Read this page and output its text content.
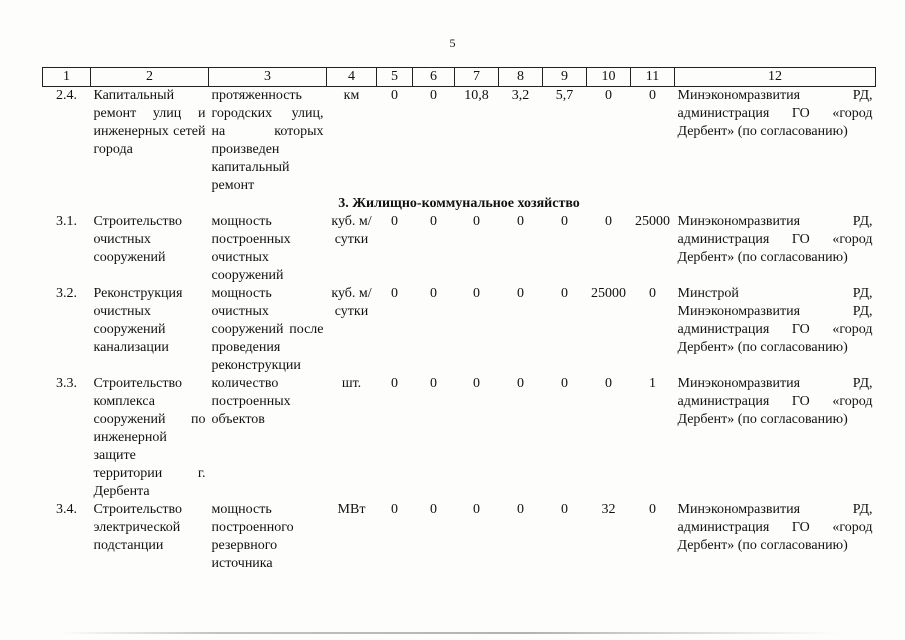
5
1	2	3	4	5	6	7	8	9	10	11	12
2.4.	Капитальный ремонт улиц и инженерных сетей города	протяженность городских улиц, на которых произведен капитальный ремонт	км	0	0	10,8	3,2	5,7	0	0	Минэкономразвития РД, администрация ГО «город Дербент» (по согласованию)
3. Жилищно-коммунальное хозяйство											
3.1.	Строительство очистных сооружений	мощность построенных очистных сооружений	куб. м/сутки	0	0	0	0	0	0	25000	Минэкономразвития РД, администрация ГО «город Дербент» (по согласованию)
3.2.	Реконструкция очистных сооружений канализации	мощность очистных сооружений после проведения реконструкции	куб. м/сутки	0	0	0	0	0	25000	0	Минстрой РД, Минэкономразвития РД, администрация ГО «город Дербент» (по согласованию)
3.3.	Строительство комплекса сооружений по инженерной защите территории г. Дербента	количество построенных объектов	шт.	0	0	0	0	0	0	1	Минэкономразвития РД, администрация ГО «город Дербент» (по согласованию)
3.4.	Строительство электрической подстанции	мощность построенного резервного источника	МВт	0	0	0	0	0	32	0	Минэкономразвития РД, администрация ГО «город Дербент» (по согласованию)
